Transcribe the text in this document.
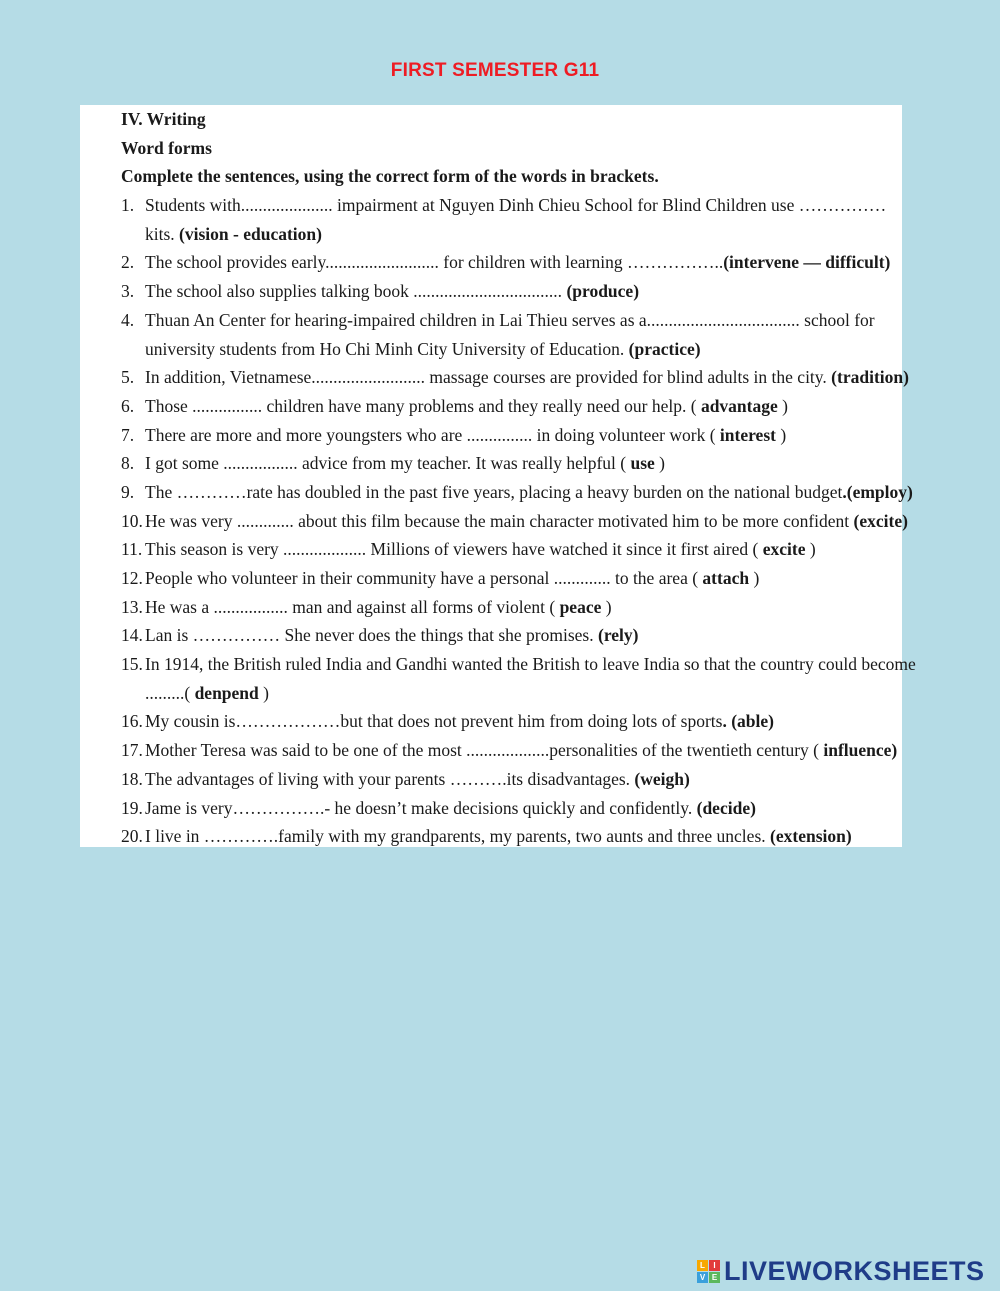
FIRST SEMESTER G11
IV. Writing
Word forms
Complete the sentences, using the correct form of the words in brackets.
1. Students with..................... impairment at Nguyen Dinh Chieu School for Blind Children use ……………
kits. (vision - education)
2. The school provides early.......................... for children with learning ……………..(intervene — difficult)
3. The school also supplies talking book .................................. (produce)
4. Thuan An Center for hearing-impaired children in Lai Thieu serves as a................................... school for
university students from Ho Chi Minh City University of Education. (practice)
5. In addition, Vietnamese.......................... massage courses are provided for blind adults in the city. (tradition)
6. Those ................ children have many problems and they really need our help. ( advantage )
7. There are more and more youngsters who are ............... in doing volunteer work ( interest )
8. I got some ................. advice from my teacher. It was really helpful ( use )
9. The …………rate has doubled in the past five years, placing a heavy burden on the national budget.(employ)
10. He was very ............. about this film because the main character motivated him to be more confident (excite)
11. This season is very ................... Millions of viewers have watched it since it first aired ( excite )
12. People who volunteer in their community have a personal ............. to the area ( attach )
13. He was a ................. man and against all forms of violent ( peace )
14. Lan is …………… She never does the things that she promises. (rely)
15. In 1914, the British ruled India and Gandhi wanted the British to leave India so that the country could become
.........( denpend )
16. My cousin is………………but that does not prevent him from doing lots of sports. (able)
17. Mother Teresa was said to be one of the most ...................personalities of the twentieth century ( influence)
18. The advantages of living with your parents ……….its disadvantages. (weigh)
19. Jame is very…………….- he doesn’t make decisions quickly and confidently. (decide)
20. I live in ………….family with my grandparents, my parents, two aunts and three uncles. (extension)
L	I
V E LIVEWORKSHEETS
